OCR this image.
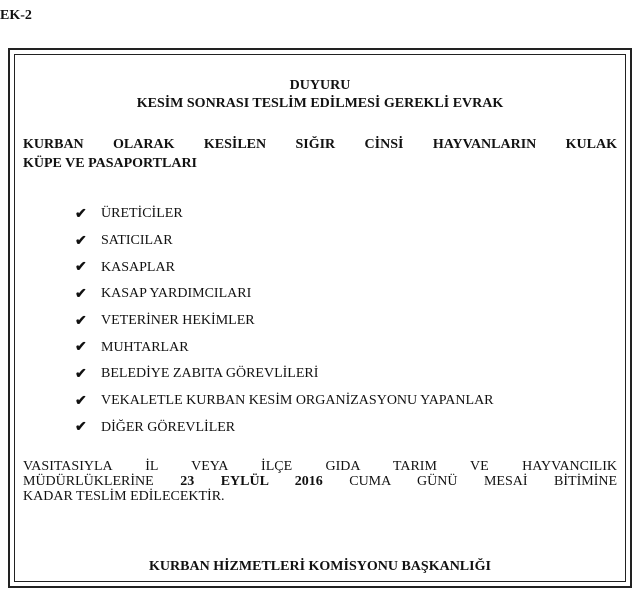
EK-2
DUYURU
KESİM SONRASI TESLİM EDİLMESİ GEREKLİ EVRAK
KURBAN OLARAK KESİLEN SIĞIR CİNSİ HAYVANLARIN KULAK
KÜPE VE PASAPORTLARI
✔	ÜRETİCİLER
✔	SATICILAR
✔	KASAPLAR
✔	KASAP YARDIMCILARI
✔	VETERİNER HEKİMLER
✔	MUHTARLAR
✔	BELEDİYE ZABITA GÖREVLİLERİ
✔	VEKALETLE KURBAN KESİM ORGANİZASYONU YAPANLAR
✔	DİĞER GÖREVLİLER
VASITASIYLA İL VEYA İLÇE GIDA TARIM VE HAYVANCILIK
MÜDÜRLÜKLERİNE 23 EYLÜL 2016 CUMA GÜNÜ MESAİ BİTİMİNE
KADAR TESLİM EDİLECEKTİR.
KURBAN HİZMETLERİ KOMİSYONU BAŞKANLIĞI
